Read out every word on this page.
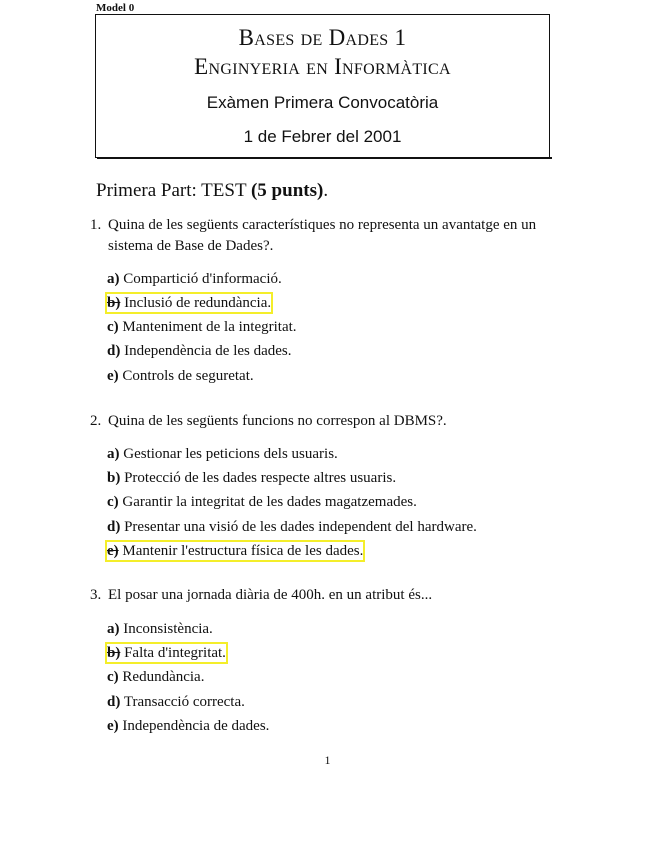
Model 0
Bases de Dades 1
Enginyeria en Informàtica
Exàmen Primera Convocatòria
1 de Febrer del 2001
Primera Part: TEST (5 punts).
1. Quina de les següents característiques no representa un avantatge en un sistema de Base de Dades?.
a) Compartició d'informació.
b) Inclusió de redundància.
c) Manteniment de la integritat.
d) Independència de les dades.
e) Controls de seguretat.
2. Quina de les següents funcions no correspon al DBMS?.
a) Gestionar les peticions dels usuaris.
b) Protecció de les dades respecte altres usuaris.
c) Garantir la integritat de les dades magatzemades.
d) Presentar una visió de les dades independent del hardware.
e) Mantenir l'estructura física de les dades.
3. El posar una jornada diària de 400h. en un atribut és...
a) Inconsistència.
b) Falta d'integritat.
c) Redundància.
d) Transacció correcta.
e) Independència de dades.
1
